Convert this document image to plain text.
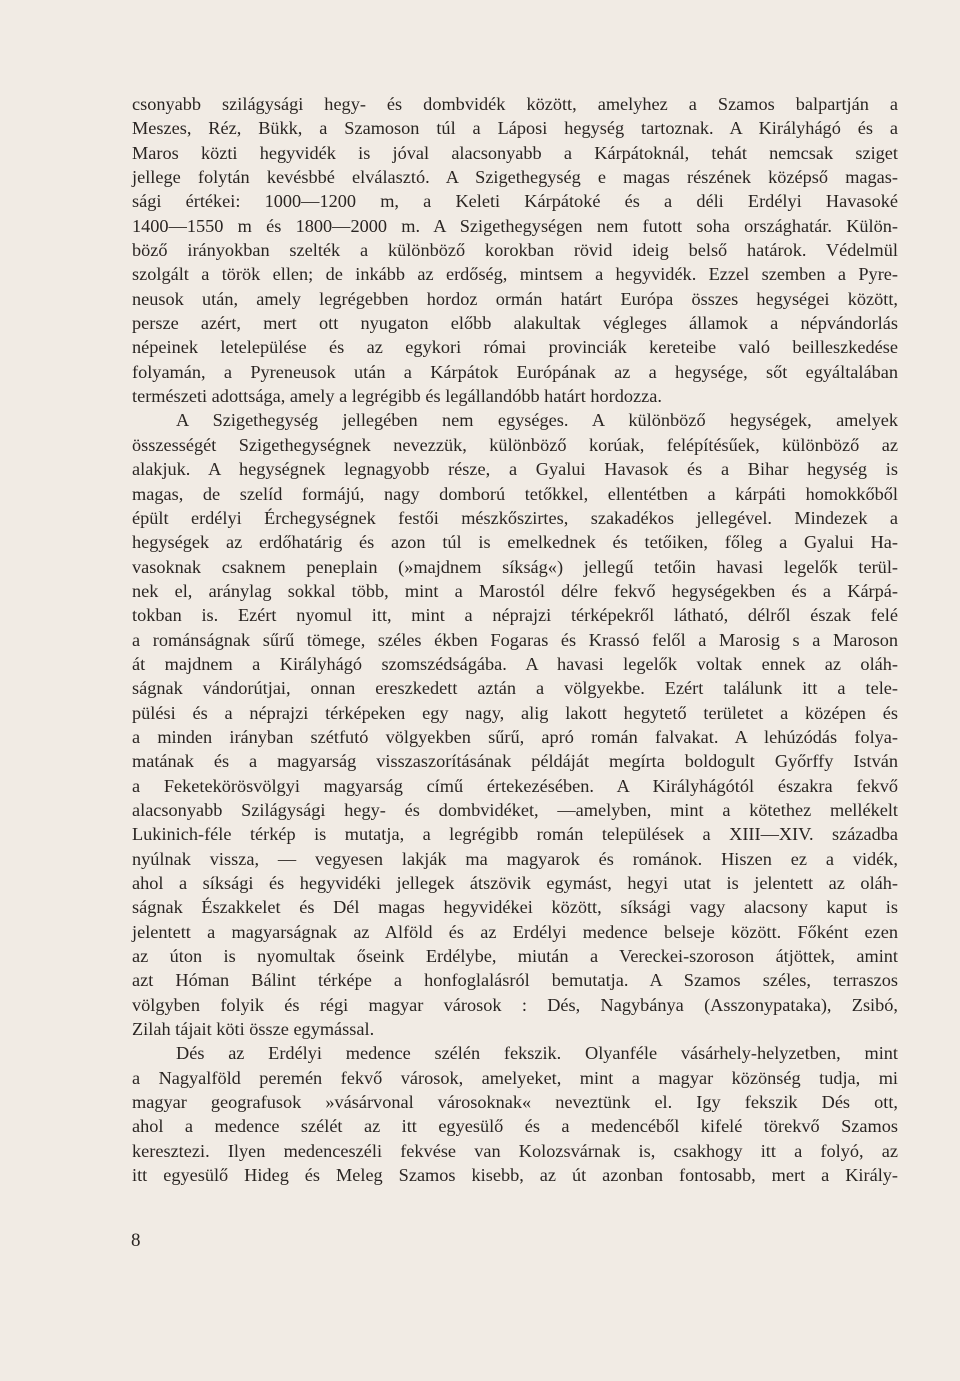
csonyabb szilágysági hegy- és dombvidék között, amelyhez a Szamos balpartján a
Meszes, Réz, Bükk, a Szamoson túl a Láposi hegység tartoznak. A Királyhágó és a
Maros közti hegyvidék is jóval alacsonyabb a Kárpátoknál, tehát nemcsak sziget
jellege folytán kevésbbé elválasztó. A Szigethegység e magas részének középső magas-
sági értékei: 1000—1200 m, a Keleti Kárpátoké és a déli Erdélyi Havasoké
1400—1550 m és 1800—2000 m. A Szigethegységen nem futott soha országhatár. Külön-
böző irányokban szelték a különböző korokban rövid ideig belső határok. Védelmül
szolgált a török ellen; de inkább az erdőség, mintsem a hegyvidék. Ezzel szemben a Pyre-
neusok után, amely legrégebben hordoz ormán határt Európa összes hegységei között,
persze azért, mert ott nyugaton előbb alakultak végleges államok a népvándorlás
népeinek letelepülése és az egykori római provinciák kereteibe való beilleszkedése
folyamán, a Pyreneusok után a Kárpátok Európának az a hegysége, sőt egyáltalában
természeti adottsága, amely a legrégibb és legállandóbb határt hordozza.
A Szigethegység jellegében nem egységes. A különböző hegységek, amelyek
összességét Szigethegységnek nevezzük, különböző korúak, felépítésűek, különböző az
alakjuk. A hegységnek legnagyobb része, a Gyalui Havasok és a Bihar hegység is
magas, de szelíd formájú, nagy domború tetőkkel, ellentétben a kárpáti homokkőből
épült erdélyi Érchegységnek festői mészkőszirtes, szakadékos jellegével. Mindezek a
hegységek az erdőhatárig és azon túl is emelkednek és tetőiken, főleg a Gyalui Ha-
vasoknak csaknem peneplain (»majdnem síkság«) jellegű tetőin havasi legelők terül-
nek el, aránylag sokkal több, mint a Marostól délre fekvő hegységekben és a Kárpá-
tokban is. Ezért nyomul itt, mint a néprajzi térképekről látható, délről észak felé
a románságnak sűrű tömege, széles ékben Fogaras és Krassó felől a Marosig s a Maroson
át majdnem a Királyhágó szomszédságába. A havasi legelők voltak ennek az oláh-
ságnak vándorútjai, onnan ereszkedett aztán a völgyekbe. Ezért találunk itt a tele-
pülési és a néprajzi térképeken egy nagy, alig lakott hegytető területet a középen és
a minden irányban szétfutó völgyekben sűrű, apró román falvakat. A lehúzódás folya-
matának és a magyarság visszaszorításának példáját megírta boldogult Győrffy István
a Feketekörösvölgyi magyarság című értekezésében. A Királyhágótól északra fekvő
alacsonyabb Szilágysági hegy- és dombvidéket, —amelyben, mint a kötethez mellékelt
Lukinich-féle térkép is mutatja, a legrégibb román települések a XIII—XIV. századba
nyúlnak vissza, — vegyesen lakják ma magyarok és románok. Hiszen ez a vidék,
ahol a síksági és hegyvidéki jellegek átszövik egymást, hegyi utat is jelentett az oláh-
ságnak Északkelet és Dél magas hegyvidékei között, síksági vagy alacsony kaput is
jelentett a magyarságnak az Alföld és az Erdélyi medence belseje között. Főként ezen
az úton is nyomultak őseink Erdélybe, miután a Vereckei-szoroson átjöttek, amint
azt Hóman Bálint térképe a honfoglalásról bemutatja. A Szamos széles, terraszos
völgyben folyik és régi magyar városok : Dés, Nagybánya (Asszonypataka), Zsibó,
Zilah tájait köti össze egymással.
Dés az Erdélyi medence szélén fekszik. Olyanféle vásárhely-helyzetben, mint
a Nagyalföld peremén fekvő városok, amelyeket, mint a magyar közönség tudja, mi
magyar geografusok »vásárvonal városoknak« neveztünk el. Igy fekszik Dés ott,
ahol a medence szélét az itt egyesülő és a medencéből kifelé törekvő Szamos
keresztezi. Ilyen medenceszéli fekvése van Kolozsvárnak is, csakhogy itt a folyó, az
itt egyesülő Hideg és Meleg Szamos kisebb, az út azonban fontosabb, mert a Király-
8
